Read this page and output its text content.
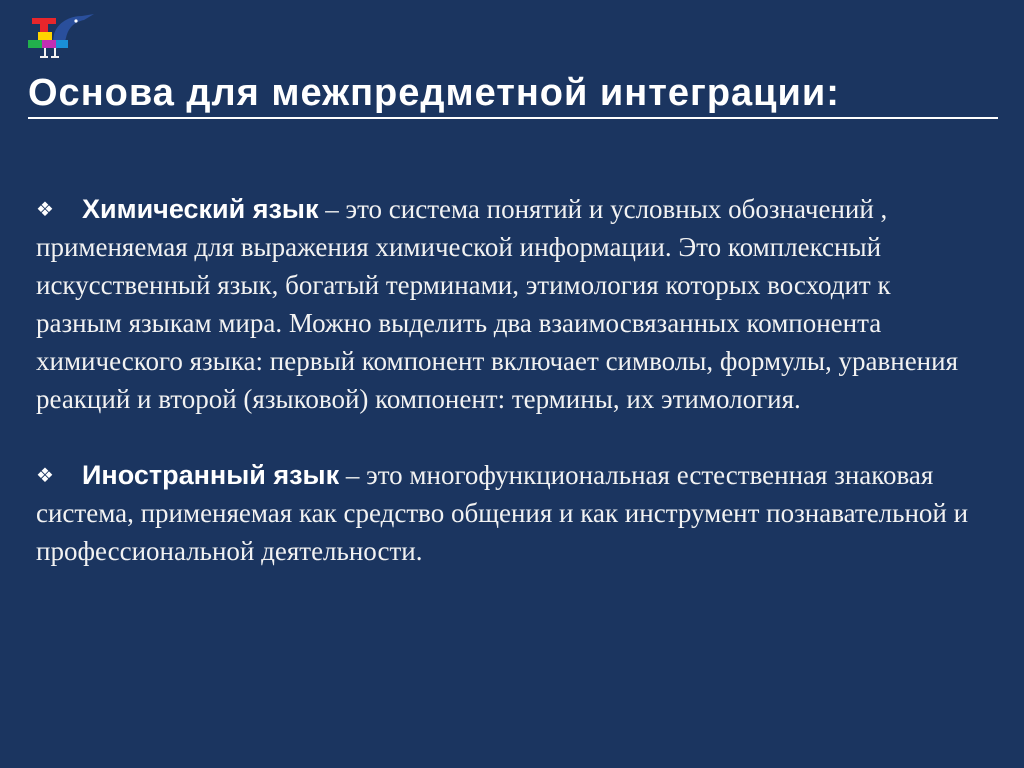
Основа для межпредметной интеграции:

❖ Химический язык – это система понятий и условных обозначений , применяемая для выражения химической информации. Это комплексный искусственный язык, богатый терминами, этимология которых восходит к разным языкам мира. Можно выделить два взаимосвязанных компонента химического языка: первый компонент включает символы, формулы, уравнения реакций и второй (языковой) компонент: термины, их этимология.

❖ Иностранный язык – это многофункциональная естественная знаковая система, применяемая как средство общения и как инструмент познавательной и профессиональной деятельности.
